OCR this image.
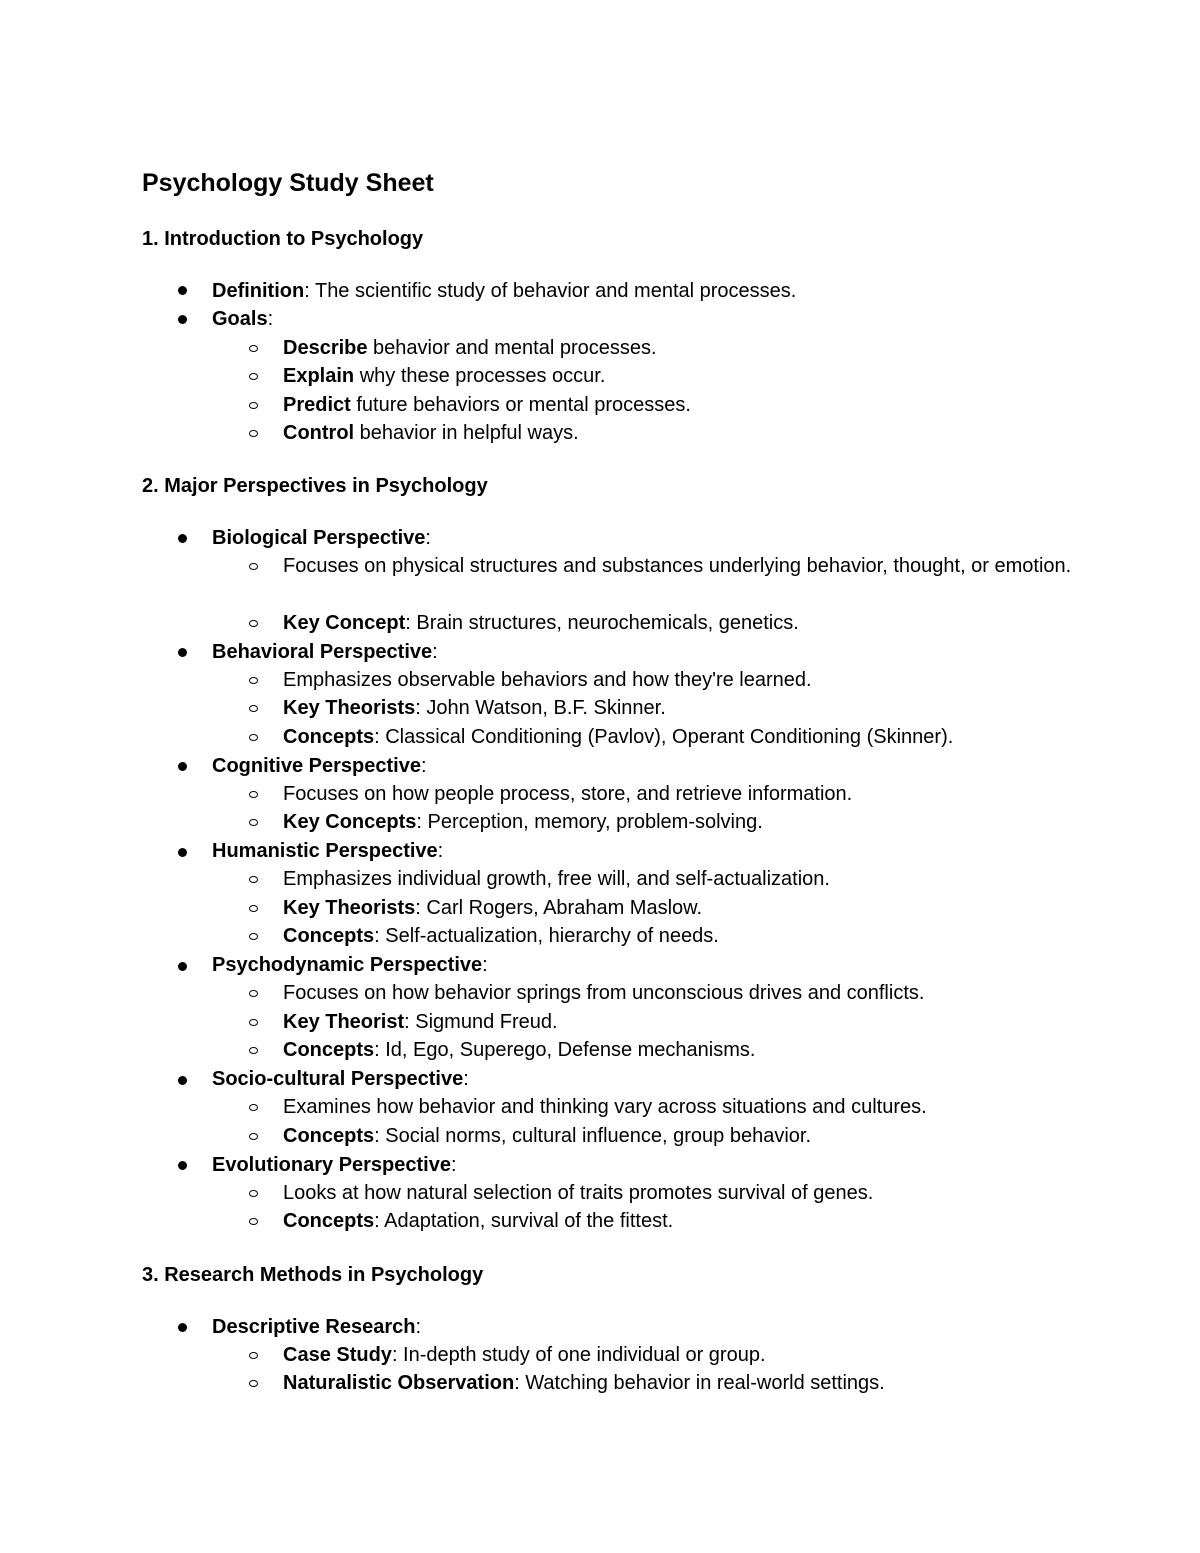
Psychology Study Sheet
1. Introduction to Psychology
Definition: The scientific study of behavior and mental processes.
Goals:
Describe behavior and mental processes.
Explain why these processes occur.
Predict future behaviors or mental processes.
Control behavior in helpful ways.
2. Major Perspectives in Psychology
Biological Perspective:
Focuses on physical structures and substances underlying behavior, thought, or emotion.
Key Concept: Brain structures, neurochemicals, genetics.
Behavioral Perspective:
Emphasizes observable behaviors and how they're learned.
Key Theorists: John Watson, B.F. Skinner.
Concepts: Classical Conditioning (Pavlov), Operant Conditioning (Skinner).
Cognitive Perspective:
Focuses on how people process, store, and retrieve information.
Key Concepts: Perception, memory, problem-solving.
Humanistic Perspective:
Emphasizes individual growth, free will, and self-actualization.
Key Theorists: Carl Rogers, Abraham Maslow.
Concepts: Self-actualization, hierarchy of needs.
Psychodynamic Perspective:
Focuses on how behavior springs from unconscious drives and conflicts.
Key Theorist: Sigmund Freud.
Concepts: Id, Ego, Superego, Defense mechanisms.
Socio-cultural Perspective:
Examines how behavior and thinking vary across situations and cultures.
Concepts: Social norms, cultural influence, group behavior.
Evolutionary Perspective:
Looks at how natural selection of traits promotes survival of genes.
Concepts: Adaptation, survival of the fittest.
3. Research Methods in Psychology
Descriptive Research:
Case Study: In-depth study of one individual or group.
Naturalistic Observation: Watching behavior in real-world settings.
